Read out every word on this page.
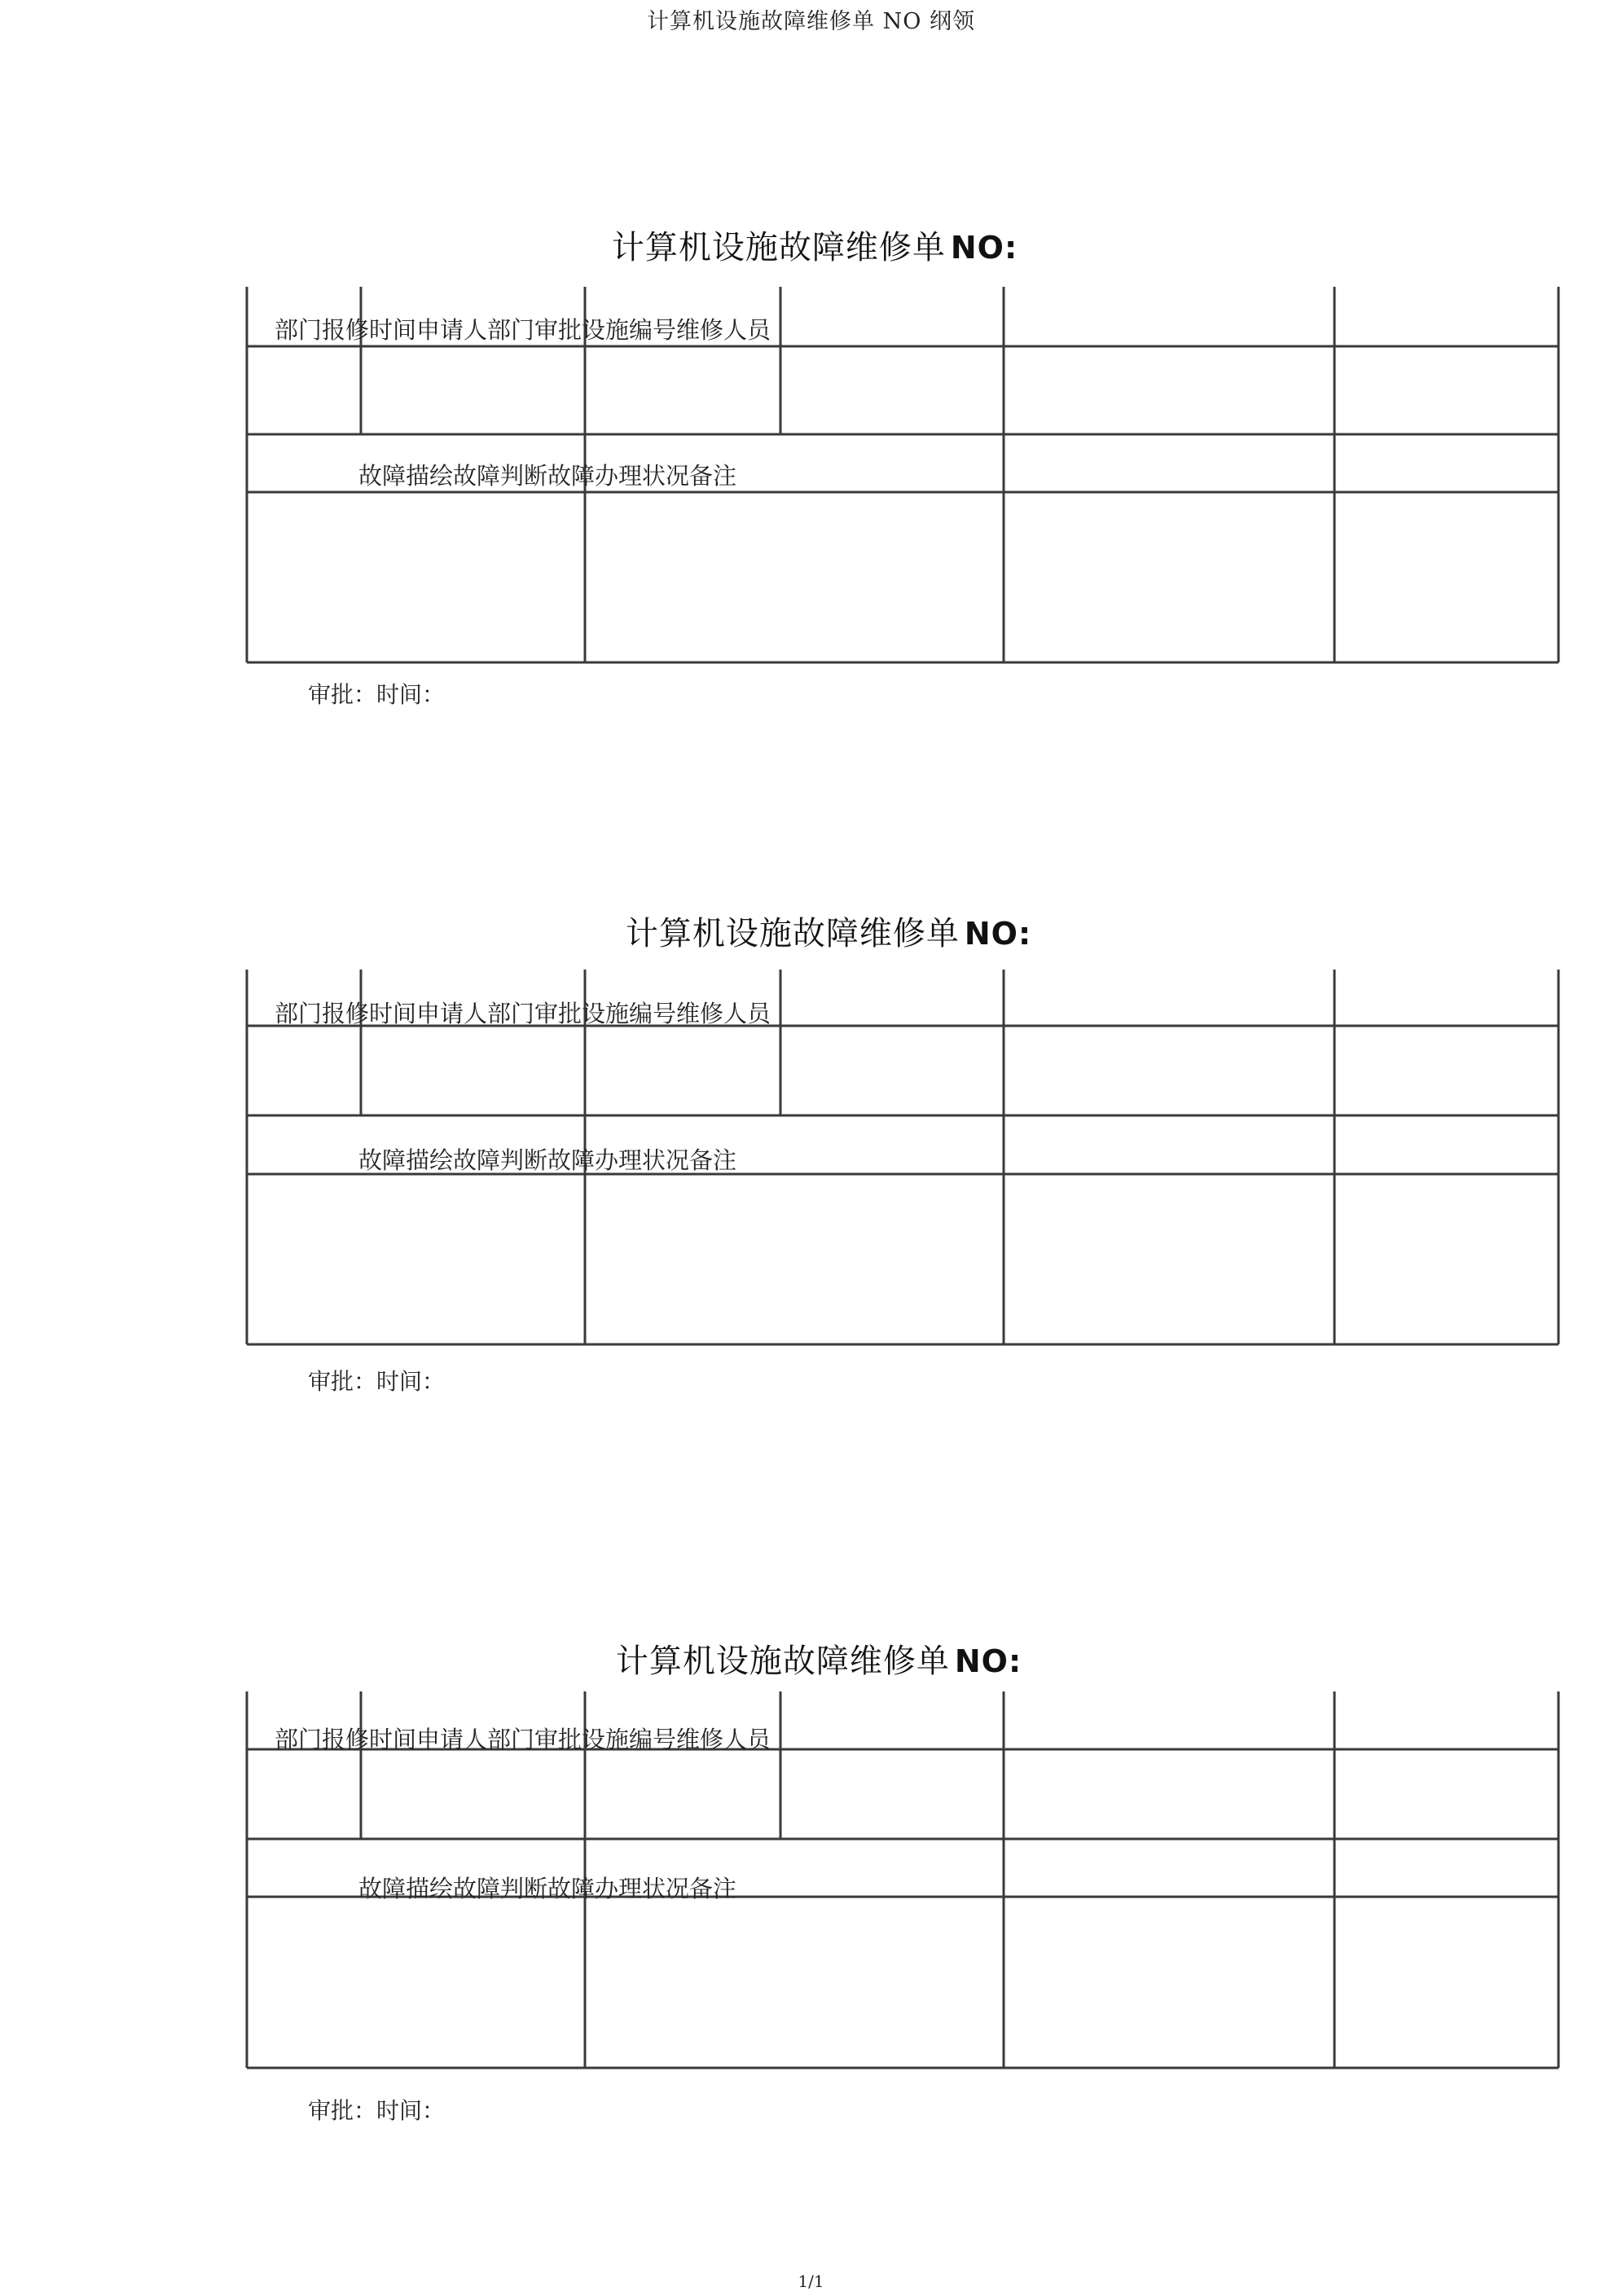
计算机设施故障维修单 NO 纲领
计算机设施故障维修单 NO:
部门报修时间申请人部门审批设施编号维修人员
故障描绘故障判断故障办理状况备注
审批：时间：
计算机设施故障维修单 NO:
部门报修时间申请人部门审批设施编号维修人员
故障描绘故障判断故障办理状况备注
审批：时间：
计算机设施故障维修单 NO:
部门报修时间申请人部门审批设施编号维修人员
故障描绘故障判断故障办理状况备注
审批：时间：
1/1
